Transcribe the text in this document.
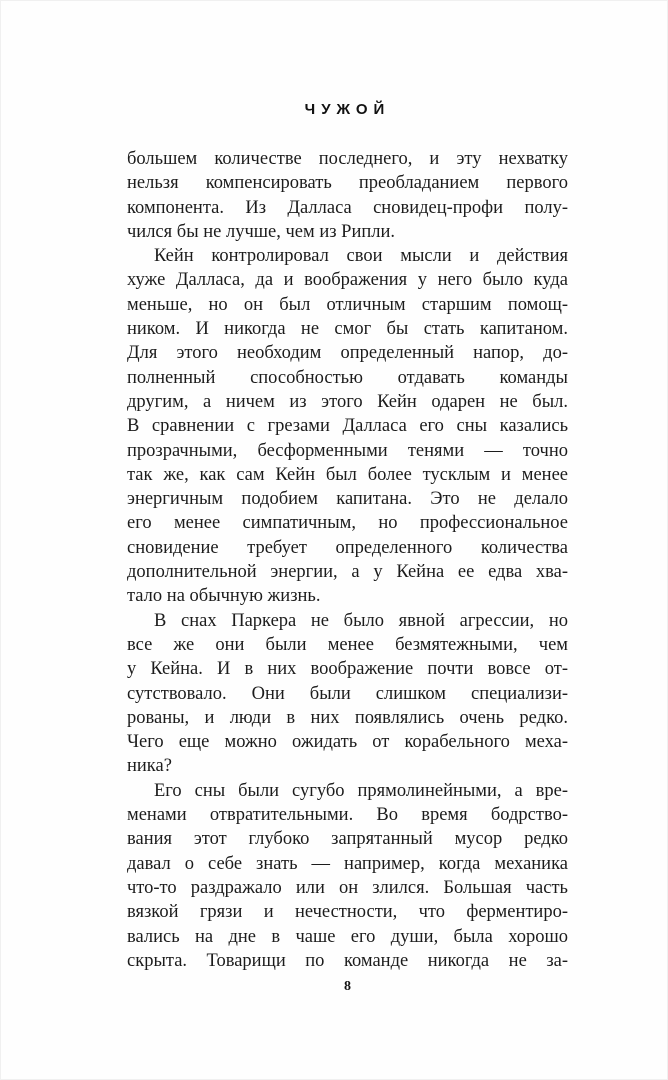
ЧУЖОЙ

большем количестве последнего, и эту нехватку
нельзя компенсировать преобладанием первого
компонента. Из Далласа сновидец-профи полу-
чился бы не лучше, чем из Рипли.

Кейн контролировал свои мысли и действия
хуже Далласа, да и воображения у него было куда
меньше, но он был отличным старшим помощ-
ником. И никогда не смог бы стать капитаном.
Для этого необходим определенный напор, до-
полненный способностью отдавать команды
другим, а ничем из этого Кейн одарен не был.
В сравнении с грезами Далласа его сны казались
прозрачными, бесформенными тенями — точно
так же, как сам Кейн был более тусклым и менее
энергичным подобием капитана. Это не делало
его менее симпатичным, но профессиональное
сновидение требует определенного количества
дополнительной энергии, а у Кейна ее едва хва-
тало на обычную жизнь.

В снах Паркера не было явной агрессии, но
все же они были менее безмятежными, чем
у Кейна. И в них воображение почти вовсе от-
сутствовало. Они были слишком специализи-
рованы, и люди в них появлялись очень редко.
Чего еще можно ожидать от корабельного меха-
ника?

Его сны были сугубо прямолинейными, а вре-
менами отвратительными. Во время бодрство-
вания этот глубоко запрятанный мусор редко
давал о себе знать — например, когда механика
что-то раздражало или он злился. Большая часть
вязкой грязи и нечестности, что ферментиро-
вались на дне в чаше его души, была хорошо
скрыта. Товарищи по команде никогда не за-

8
